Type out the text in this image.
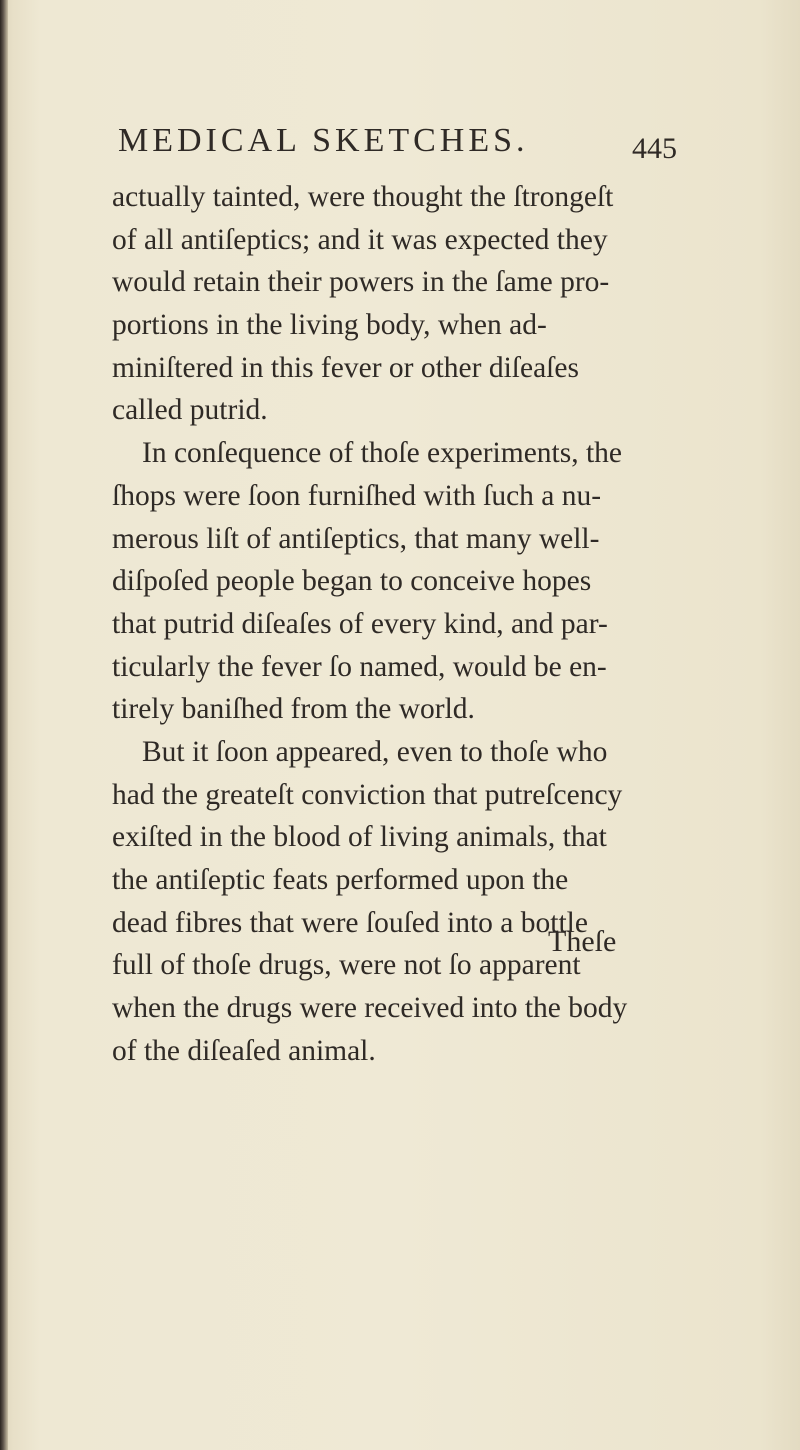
MEDICAL SKETCHES.	445
actually tainted, were thought the ſtrongeſt
of all antiſeptics; and it was expected they
would retain their powers in the ſame pro-
portions in the living body, when ad-
miniſtered in this fever or other diſeaſes
called putrid.
In conſequence of thoſe experiments, the
ſhops were ſoon furniſhed with ſuch a nu-
merous liſt of antiſeptics, that many well-
diſpoſed people began to conceive hopes
that putrid diſeaſes of every kind, and par-
ticularly the fever ſo named, would be en-
tirely baniſhed from the world.
But it ſoon appeared, even to thoſe who
had the greateſt conviction that putreſcency
exiſted in the blood of living animals, that
the antiſeptic feats performed upon the
dead fibres that were ſouſed into a bottle
full of thoſe drugs, were not ſo apparent
when the drugs were received into the body
of the diſeaſed animal.
Theſe
